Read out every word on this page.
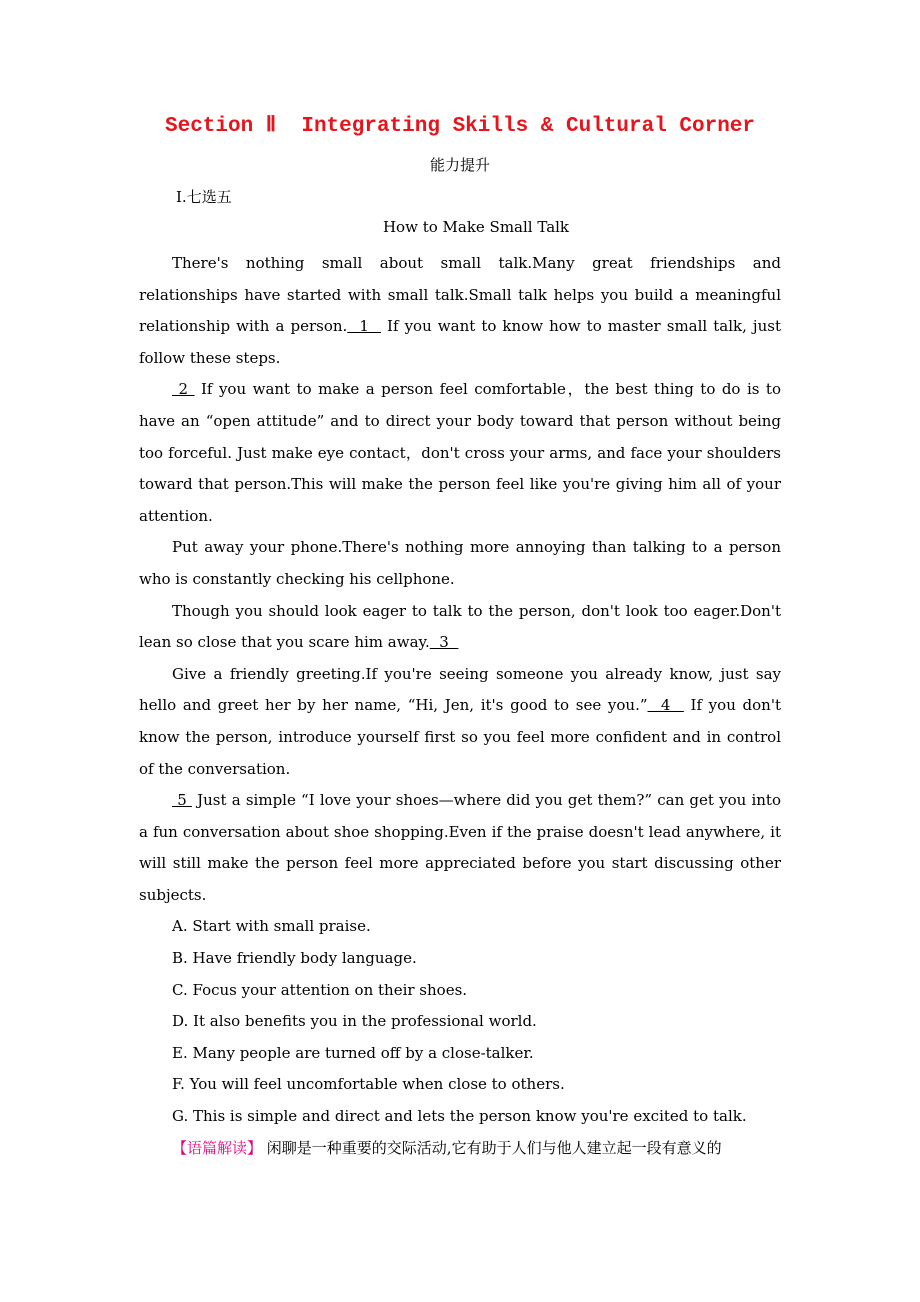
Section Ⅱ  Integrating Skills & Cultural Corner
能力提升
Ⅰ.七选五
How to Make Small Talk

There's nothing small about small talk.Many great friendships and relationships have started with small talk.Small talk helps you build a meaningful relationship with a person.  1   If you want to know how to master small talk, just follow these steps.

2  If you want to make a person feel comfortable，the best thing to do is to have an “open attitude” and to direct your body toward that person without being too forceful. Just make eye contact，don't cross your arms, and face your shoulders toward that person.This will make the person feel like you're giving him all of your attention.

Put away your phone.There's nothing more annoying than talking to a person who is constantly checking his cellphone.

Though you should look eager to talk to the person, don't look too eager.Don't lean so close that you scare him away.  3

Give a friendly greeting.If you're seeing someone you already know, just say hello and greet her by her name, “Hi, Jen, it's good to see you.”  4   If you don't know the person, introduce yourself first so you feel more confident and in control of the conversation.

5  Just a simple “I love your shoes—where did you get them?” can get you into a fun conversation about shoe shopping.Even if the praise doesn't lead anywhere, it will still make the person feel more appreciated before you start discussing other subjects.

A. Start with small praise.

B. Have friendly body language.

C. Focus your attention on their shoes.

D. It also benefits you in the professional world.

E. Many people are turned off by a close-talker.

F. You will feel uncomfortable when close to others.

G. This is simple and direct and lets the person know you're excited to talk.

【语篇解读】 闲聊是一种重要的交际活动,它有助于人们与他人建立起一段有意义的
